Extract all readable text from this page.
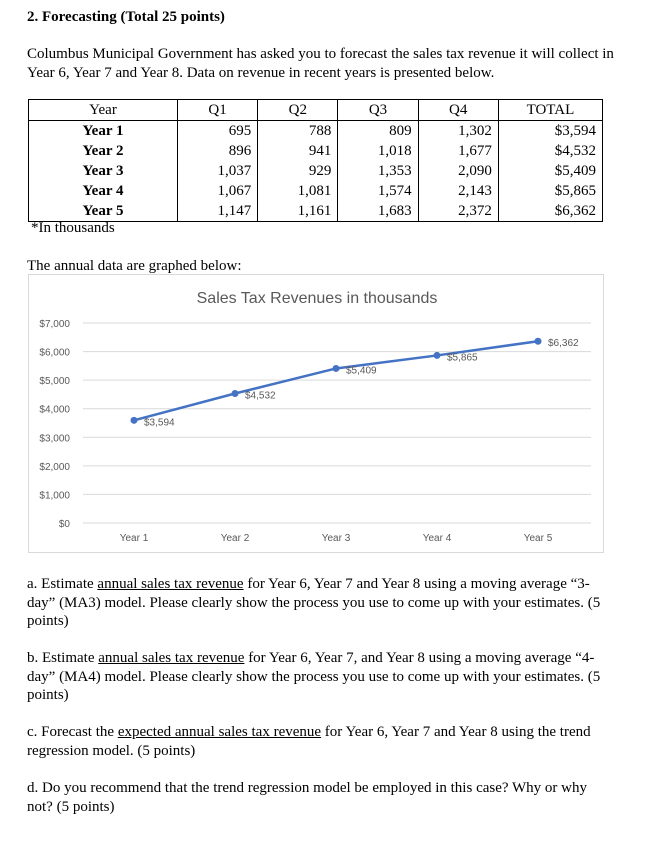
2. Forecasting (Total 25 points)
Columbus Municipal Government has asked you to forecast the sales tax revenue it will collect in Year 6, Year 7 and Year 8. Data on revenue in recent years is presented below.
Year	Q1	Q2	Q3	Q4	TOTAL
Year 1	695	788	809	1,302	$3,594
Year 2	896	941	1,018	1,677	$4,532
Year 3	1,037	929	1,353	2,090	$5,409
Year 4	1,067	1,081	1,574	2,143	$5,865
Year 5	1,147	1,161	1,683	2,372	$6,362
*In thousands
The annual data are graphed below:
Sales Tax Revenues in thousands
$0
$1,000
$2,000
$3,000
$4,000
$5,000
$6,000
$7,000
Year 1	Year 2	Year 3	Year 4	Year 5
$3,594
$4,532
$5,409
$5,865
$6,362
a. Estimate annual sales tax revenue for Year 6, Year 7 and Year 8 using a moving average “3-day” (MA3) model. Please clearly show the process you use to come up with your estimates. (5 points)
b. Estimate annual sales tax revenue for Year 6, Year 7, and Year 8 using a moving average “4-day” (MA4) model. Please clearly show the process you use to come up with your estimates. (5 points)
c. Forecast the expected annual sales tax revenue for Year 6, Year 7 and Year 8 using the trend regression model. (5 points)
d. Do you recommend that the trend regression model be employed in this case? Why or why not? (5 points)
